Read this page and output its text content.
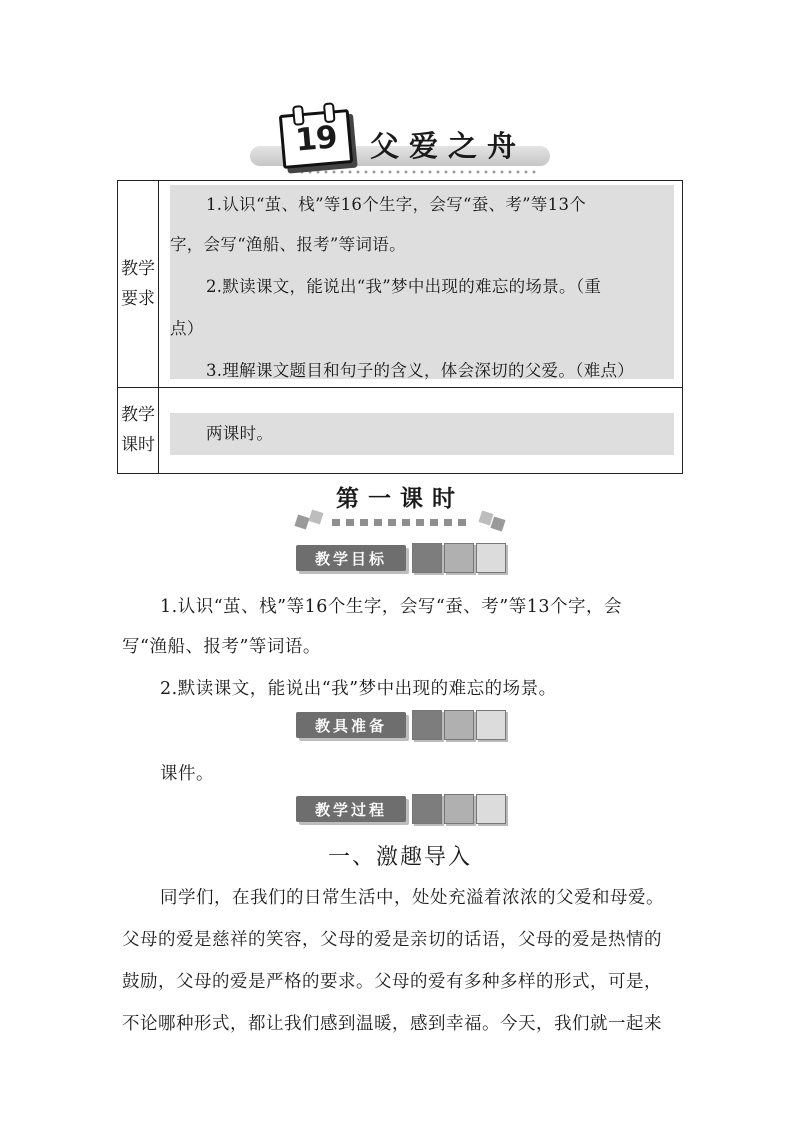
19	父爱之舟
教学要求
1.认识“茧、栈”等16个生字，会写“蚕、考”等13个
字，会写“渔船、报考”等词语。
2.默读课文，能说出“我”梦中出现的难忘的场景。（重
点）
3.理解课文题目和句子的含义，体会深切的父爱。（难点）
教学课时
两课时。
第一课时
教学目标
1.认识“茧、栈”等16个生字，会写“蚕、考”等13个字，会
写“渔船、报考”等词语。
2.默读课文，能说出“我”梦中出现的难忘的场景。
教具准备
课件。
教学过程
一、激趣导入
同学们，在我们的日常生活中，处处充溢着浓浓的父爱和母爱。
父母的爱是慈祥的笑容，父母的爱是亲切的话语，父母的爱是热情的
鼓励，父母的爱是严格的要求。父母的爱有多种多样的形式，可是，
不论哪种形式，都让我们感到温暖，感到幸福。今天，我们就一起来
